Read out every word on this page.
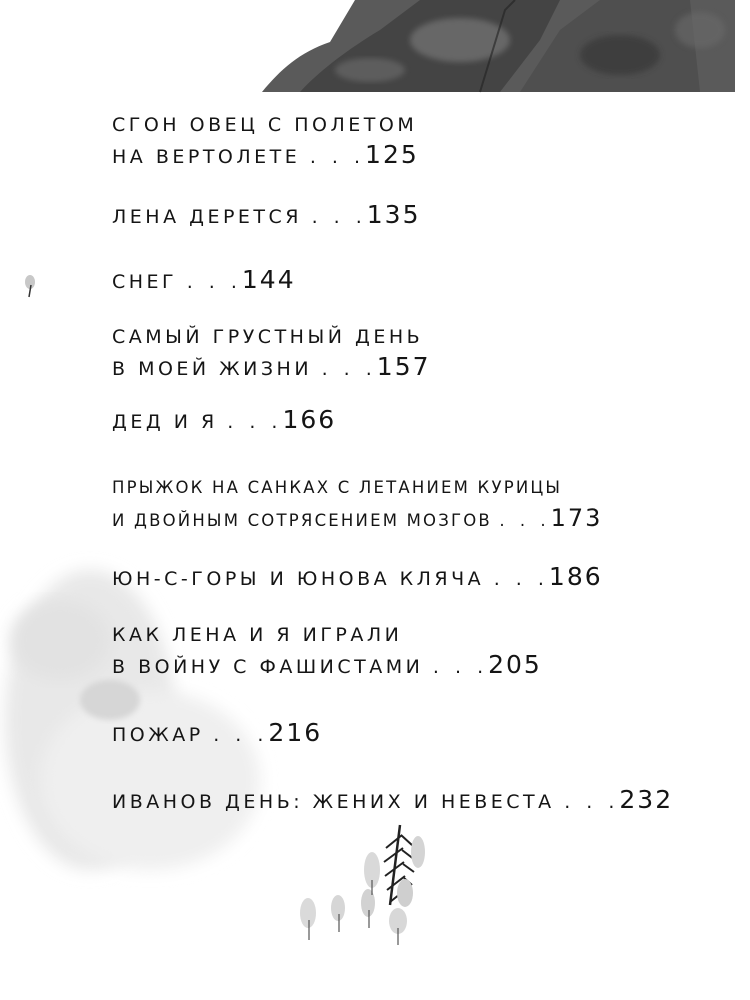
СГОН ОВЕЦ С ПОЛЕТОМ
НА ВЕРТОЛЕТЕ . . .125

ЛЕНА ДЕРЕТСЯ . . .135

СНЕГ . . .144

САМЫЙ ГРУСТНЫЙ ДЕНЬ
В МОЕЙ ЖИЗНИ . . .157

ДЕД И Я . . .166

ПРЫЖОК НА САНКАХ С ЛЕТАНИЕМ КУРИЦЫ
И ДВОЙНЫМ СОТРЯСЕНИЕМ МОЗГОВ . . .173

ЮН-С-ГОРЫ И ЮНОВА КЛЯЧА . . .186

КАК ЛЕНА И Я ИГРАЛИ
В ВОЙНУ С ФАШИСТАМИ . . .205

ПОЖАР . . .216

ИВАНОВ ДЕНЬ: ЖЕНИХ И НЕВЕСТА . . .232
